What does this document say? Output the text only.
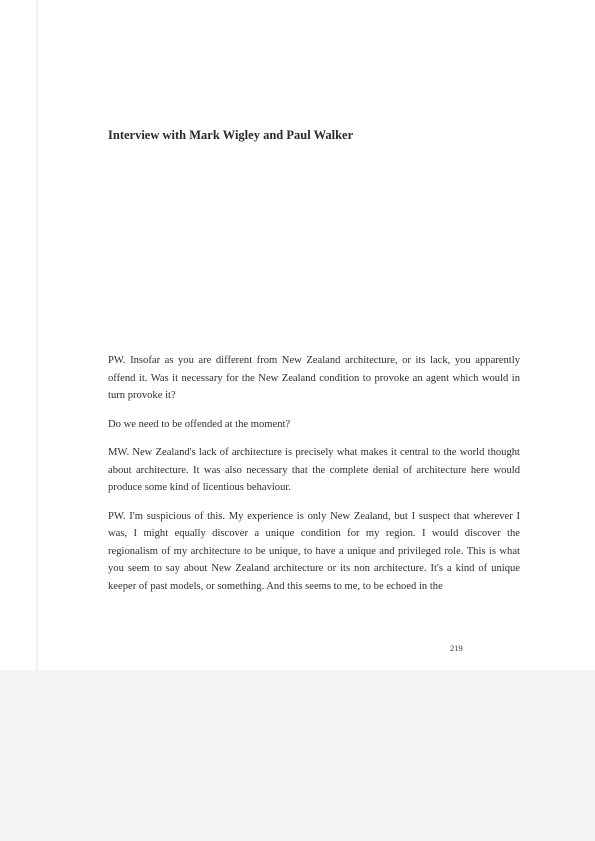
Interview with Mark Wigley and Paul Walker

PW. Insofar as you are different from New Zealand architecture, or its lack, you apparently offend it. Was it necessary for the New Zealand condition to provoke an agent which would in turn provoke it?

Do we need to be offended at the moment?

MW. New Zealand's lack of architecture is precisely what makes it central to the world thought about architecture. It was also necessary that the complete denial of architecture here would produce some kind of licentious behaviour.

PW. I'm suspicious of this. My experience is only New Zealand, but I suspect that wherever I was, I might equally discover a unique condition for my region. I would discover the regionalism of my architecture to be unique, to have a unique and privileged role. This is what you seem to say about New Zealand architecture or its non architecture. It's a kind of unique keeper of past models, or something. And this seems to me, to be echoed in the

219
